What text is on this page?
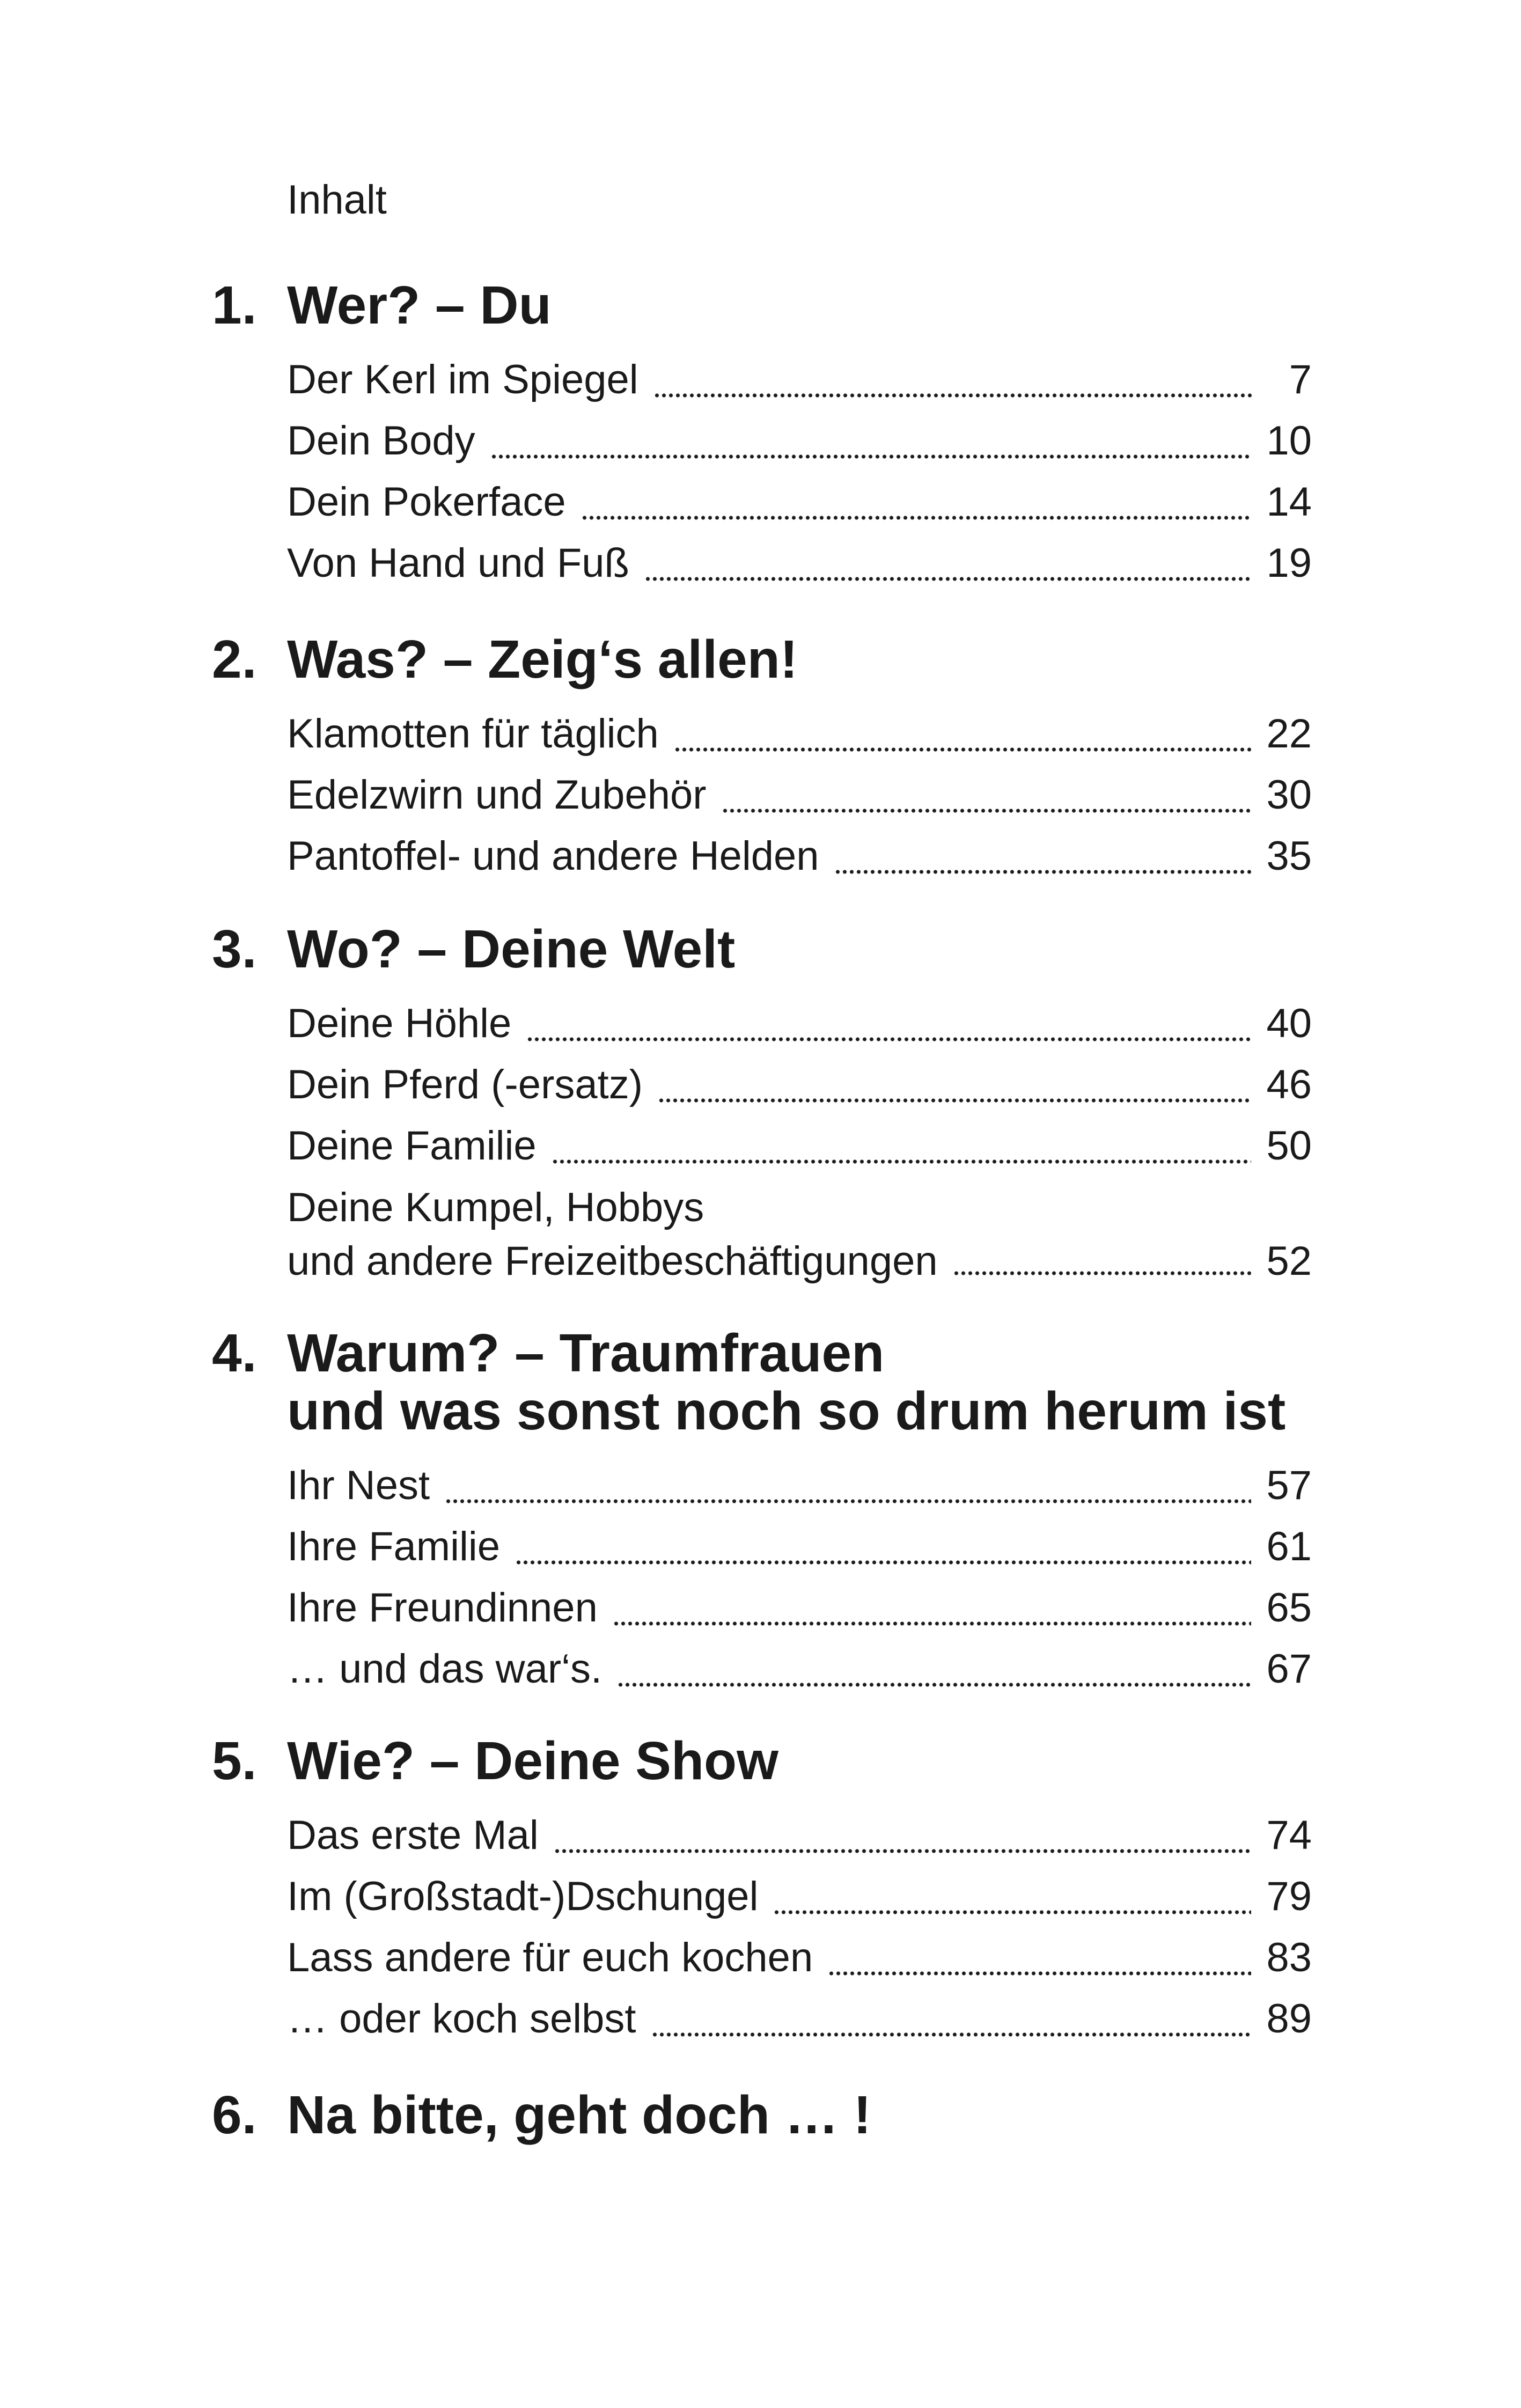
Inhalt
1. Wer? – Du
Der Kerl im Spiegel	7
Dein Body	10
Dein Pokerface	14
Von Hand und Fuß	19
2. Was? – Zeig‘s allen!
Klamotten für täglich	22
Edelzwirn und Zubehör	30
Pantoffel- und andere Helden	35
3. Wo? – Deine Welt
Deine Höhle	40
Dein Pferd (-ersatz)	46
Deine Familie	50
Deine Kumpel, Hobbys
und andere Freizeitbeschäftigungen	52
4. Warum? – Traumfrauen
und was sonst noch so drum herum ist
Ihr Nest	57
Ihre Familie	61
Ihre Freundinnen	65
… und das war‘s.	67
5. Wie? – Deine Show
Das erste Mal	74
Im (Großstadt-)Dschungel	79
Lass andere für euch kochen	83
… oder koch selbst	89
6. Na bitte, geht doch … !
